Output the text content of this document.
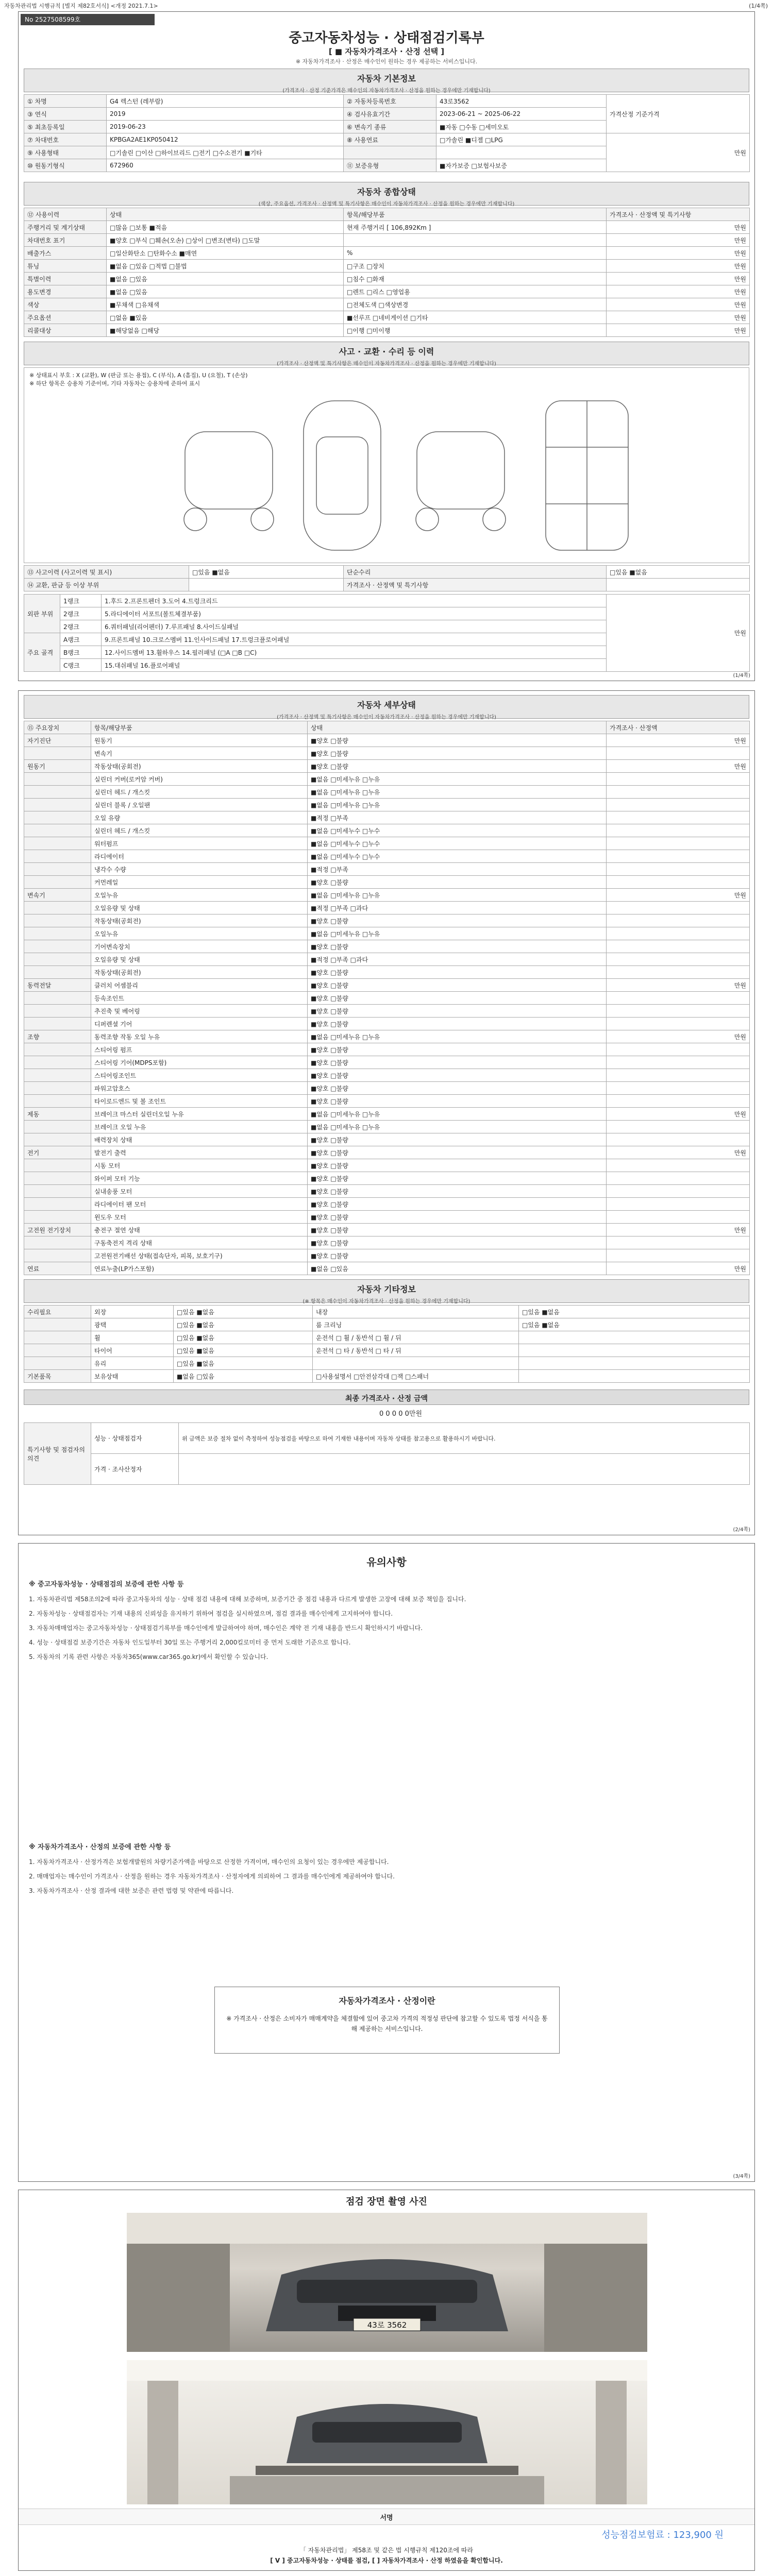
자동차관리법 시행규칙 [별지 제82호서식] <개정 2021.7.1>	(1/4쪽)
No 2527508599호
중고자동차성능 · 상태점검기록부
[ ■ 자동차가격조사 · 산정 선택 ]
※ 자동차가격조사 · 산정은 매수인이 원하는 경우 제공하는 서비스입니다.
자동차 기본정보
(가격조사 · 산정 기준가격은 매수인의 자동차가격조사 · 산정을 원하는 경우에만 기재합니다)
① 차명	G4 렉스턴 (레부람)	② 자동차등록번호	43로3562	가격산정 기준가격
③ 연식	2019	④ 검사유효기간	2023-06-21 ~ 2025-06-22	
⑤ 최초등록일	2019-06-23	⑥ 변속기 종류	■자동 □수동 □세미오토	
⑦ 차대번호	KPBGA2AE1KP050412	⑧ 사용연료	□가솔린 ■디젤 □LPG	만원
⑨ 사용형태	□기솔린 □이산 □하이브리드 □전기 □수소전기 ■기타			
⑩ 원동기형식	672960	⑪ 보증유형	■자가보증 □보험사보증	
자동차 종합상태
(색상, 주요옵션, 가격조사 · 산정액 및 특기사항은 매수인이 자동차가격조사 · 산정을 원하는 경우에만 기재합니다)
⑫ 사용이력	상태	항목/해당부품	가격조사 · 산정액 및 특기사항
주행거리 및 계기상태	□많음 □보통 ■적음	현재 주행거리 [ 106,892Km ]	만원
차대번호 표기	■양호 □부식 □훼손(오손) □상이 □변조(변타) □도말		만원
배출가스	□일산화탄소 □탄화수소 ■매연	%	만원
튜닝	■없음 □있음 □적법 □불법	□구조 □장치	만원
특별이력	■없음 □있음	□침수 □화재	만원
용도변경	■없음 □있음	□렌트 □리스 □영업용	만원
색상	■무채색 □유채색	□전체도색 □색상변경	만원
주요옵션	□없음 ■있음	■선루프 □네비게이션 □기타	만원
리콜대상	■해당없음 □해당	□이행 □미이행	만원
사고 · 교환 · 수리 등 이력
(가격조사 · 산정액 및 특기사항은 매수인이 자동차가격조사 · 산정을 원하는 경우에만 기재합니다)
※ 상태표시 부호 : X (교환), W (판금 또는 용접), C (부식), A (흠집), U (요철), T (손상)
※ 하단 항목은 승용차 기준이며, 기타 자동차는 승용차에 준하여 표시
⑬ 사고이력 (사고이력 및 표시)	□있음 ■없음	단순수리	□있음 ■없음
⑭ 교환, 판금 등 이상 부위		가격조사 · 산정액 및 특기사항	
외판 부위	1랭크	1.후드 2.프론트펜더 3.도어 4.트렁크리드	만원
	2랭크	5.라디에이터 서포트(볼트체결부품)	
	2랭크	6.쿼터패널(리어펜더) 7.루프패널 8.사이드실패널	
주요 골격	A랭크	9.프론트패널 10.크로스멤버 11.인사이드패널 17.트렁크플로어패널	
	B랭크	12.사이드멤버 13.휠하우스 14.필러패널 (□A □B □C)	
	C랭크	15.대쉬패널 16.플로어패널	
(1/4쪽)
자동차 세부상태
(가격조사 · 산정액 및 특기사항은 매수인이 자동차가격조사 · 산정을 원하는 경우에만 기재합니다)
⑮ 주요장치	항목/해당부품	상태	가격조사 · 산정액
자기진단	원동기	■양호 □불량	만원
	변속기	■양호 □불량	
원동기	작동상태(공회전)	■양호 □불량	만원
	실린더 커버(로커암 커버)	■없음 □미세누유 □누유	
	실린더 헤드 / 개스킷	■없음 □미세누유 □누유	
	실린더 블록 / 오일팬	■없음 □미세누유 □누유	
	오일 유량	■적정 □부족	
	실린더 헤드 / 개스킷	■없음 □미세누수 □누수	
	워터펌프	■없음 □미세누수 □누수	
	라디에이터	■없음 □미세누수 □누수	
	냉각수 수량	■적정 □부족	
	커먼레일	■양호 □불량	
변속기	오일누유	■없음 □미세누유 □누유	만원
	오일유량 및 상태	■적정 □부족 □과다	
	작동상태(공회전)	■양호 □불량	
	오일누유	■없음 □미세누유 □누유	
	기어변속장치	■양호 □불량	
	오일유량 및 상태	■적정 □부족 □과다	
	작동상태(공회전)	■양호 □불량	
동력전달	클러치 어셈블리	■양호 □불량	만원
	등속조인트	■양호 □불량	
	추진축 및 베어링	■양호 □불량	
	디퍼렌셜 기어	■양호 □불량	
조향	동력조향 작동 오일 누유	■없음 □미세누유 □누유	만원
	스티어링 펌프	■양호 □불량	
	스티어링 기어(MDPS포함)	■양호 □불량	
	스티어링조인트	■양호 □불량	
	파워고압호스	■양호 □불량	
	타이로드엔드 및 볼 조인트	■양호 □불량	
제동	브레이크 마스터 실린더오일 누유	■없음 □미세누유 □누유	만원
	브레이크 오일 누유	■없음 □미세누유 □누유	
	배력장치 상태	■양호 □불량	
전기	발전기 출력	■양호 □불량	만원
	시동 모터	■양호 □불량	
	와이퍼 모터 기능	■양호 □불량	
	실내송풍 모터	■양호 □불량	
	라디에이터 팬 모터	■양호 □불량	
	윈도우 모터	■양호 □불량	
고전원 전기장치	충전구 절연 상태	■양호 □불량	만원
	구동축전지 격리 상태	■양호 □불량	
	고전원전기배선 상태(접속단자, 피복, 보호기구)	■양호 □불량	
연료	연료누출(LP가스포함)	■없음 □있음	만원
자동차 기타정보
(※ 항목은 매수인이 자동차가격조사 · 산정을 원하는 경우에만 기재합니다)
수리필요	외장	□있음 ■없음	내장	□있음 ■없음
	광택	□있음 ■없음	룸 크리닝	□있음 ■없음
	휠	□있음 ■없음	운전석 □ 휠 / 동반석 □ 휠 / 뒤	
	타이어	□있음 ■없음	운전석 □ 타 / 동반석 □ 타 / 뒤	
	유리	□있음 ■없음		
기본품목	보유상태	■없음 □있음	□사용설명서 □안전삼각대 □잭 □스패너	
최종 가격조사 · 산정 금액
0 0 0 0 0만원
특기사항 및 점검자의 의견	성능 · 상태점검자	위 금액은 보증 절차 없이 측정하여 성능점검을 바탕으로 하여 기재한 내용이며 자동차 상태를 참고용으로 활용하시기 바랍니다.
	가격 · 조사산정자	
(2/4쪽)
유의사항

※ 중고자동차성능 · 상태점검의 보증에 관한 사항 등

1. 자동차관리법 제58조의2에 따라 중고자동차의 성능 · 상태 점검 내용에 대해 보증하며, 보증기간 중 점검 내용과 다르게 발생한 고장에 대해 보증 책임을 집니다.

2. 자동차성능 · 상태점검자는 기재 내용의 신뢰성을 유지하기 위하여 점검을 실시하였으며, 점검 결과를 매수인에게 고지하여야 합니다.

3. 자동차매매업자는 중고자동차성능 · 상태점검기록부를 매수인에게 발급하여야 하며, 매수인은 계약 전 기재 내용을 반드시 확인하시기 바랍니다.

4. 성능 · 상태점검 보증기간은 자동차 인도일부터 30일 또는 주행거리 2,000킬로미터 중 먼저 도래한 기준으로 합니다.

5. 자동차의 기록 관련 사항은 자동차365(www.car365.go.kr)에서 확인할 수 있습니다.

※ 자동차가격조사 · 산정의 보증에 관한 사항 등

1. 자동차가격조사 · 산정가격은 보험개발원의 차량기준가액을 바탕으로 산정한 가격이며, 매수인의 요청이 있는 경우에만 제공합니다.

2. 매매업자는 매수인이 가격조사 · 산정을 원하는 경우 자동차가격조사 · 산정자에게 의뢰하여 그 결과를 매수인에게 제공하여야 합니다.

3. 자동차가격조사 · 산정 결과에 대한 보증은 관련 법령 및 약관에 따릅니다.

자동차가격조사 · 산정이란
※ 가격조사 · 산정은 소비자가 매매계약을 체결함에 있어 중고차 가격의 적정성 판단에 참고할 수 있도록 법정 서식을 통해 제공하는 서비스입니다.
(3/4쪽)
점검 장면 촬영 사진
43로 3562
서명
성능점검보험료 : 123,900 원
「 자동차관리법」 제58조 및 같은 법 시행규칙 제120조에 따라
[ V ] 중고자동차성능 · 상태를 점검, [ ] 자동차가격조사 · 산정 하였음을 확인합니다.
